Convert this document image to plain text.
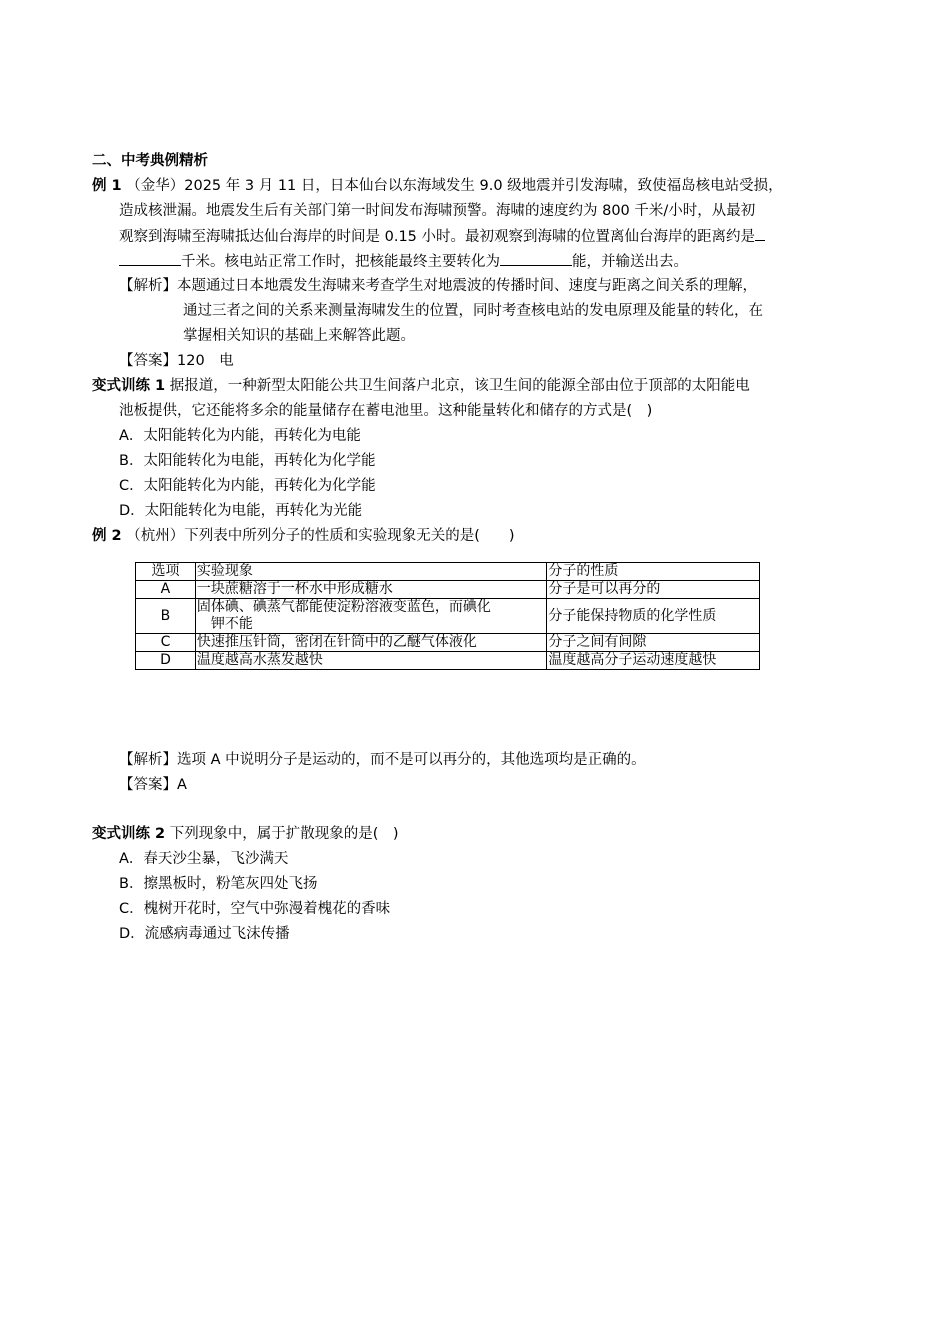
二、中考典例精析
例 1 （金华）2025 年 3 月 11 日，日本仙台以东海域发生 9.0 级地震并引发海啸，致使福岛核电站受损，
造成核泄漏。地震发生后有关部门第一时间发布海啸预警。海啸的速度约为 800 千米/小时，从最初
观察到海啸至海啸抵达仙台海岸的时间是 0.15 小时。最初观察到海啸的位置离仙台海岸的距离约是
千米。核电站正常工作时，把核能最终主要转化为	能，并输送出去。
【解析】本题通过日本地震发生海啸来考查学生对地震波的传播时间、速度与距离之间关系的理解，
通过三者之间的关系来测量海啸发生的位置，同时考查核电站的发电原理及能量的转化，在
掌握相关知识的基础上来解答此题。
【答案】120　电
变式训练 1 据报道，一种新型太阳能公共卫生间落户北京，该卫生间的能源全部由位于顶部的太阳能电
池板提供，它还能将多余的能量储存在蓄电池里。这种能量转化和储存的方式是(　)
A．太阳能转化为内能，再转化为电能
B．太阳能转化为电能，再转化为化学能
C．太阳能转化为内能，再转化为化学能
D．太阳能转化为电能，再转化为光能
例 2 （杭州）下列表中所列分子的性质和实验现象无关的是(　　)
选项	实验现象	分子的性质
A	一块蔗糖溶于一杯水中形成糖水	分子是可以再分的
B	固体碘、碘蒸气都能使淀粉溶液变蓝色，而碘化
钾不能	分子能保持物质的化学性质
C	快速推压针筒，密闭在针筒中的乙醚气体液化	分子之间有间隙
D	温度越高水蒸发越快	温度越高分子运动速度越快
【解析】选项 A 中说明分子是运动的，而不是可以再分的，其他选项均是正确的。
【答案】A
变式训练 2 下列现象中，属于扩散现象的是(　)
A．春天沙尘暴，飞沙满天
B．擦黑板时，粉笔灰四处飞扬
C．槐树开花时，空气中弥漫着槐花的香味
D．流感病毒通过飞沫传播
